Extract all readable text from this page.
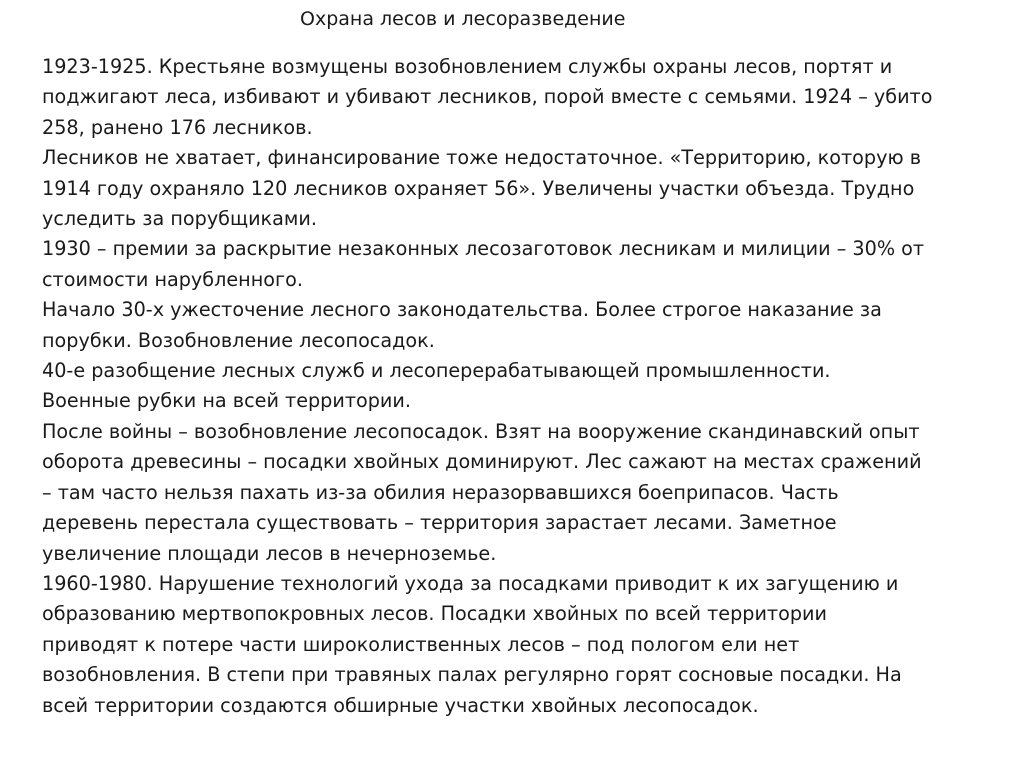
Охрана лесов и лесоразведение
1923-1925. Крестьяне возмущены возобновлением службы охраны лесов, портят и
поджигают леса, избивают и убивают лесников, порой вместе с семьями. 1924 – убито
258, ранено 176 лесников.
Лесников не хватает, финансирование тоже недостаточное. «Территорию, которую в
1914 году охраняло 120 лесников охраняет 56». Увеличены участки объезда. Трудно
уследить за порубщиками.
1930 – премии за раскрытие незаконных лесозаготовок лесникам и милиции – 30% от
стоимости нарубленного.
Начало 30-х ужесточение лесного законодательства. Более строгое наказание за
порубки. Возобновление лесопосадок.
40-е разобщение лесных служб и лесоперерабатывающей промышленности.
Военные рубки на всей территории.
После войны – возобновление лесопосадок. Взят на вооружение скандинавский опыт
оборота древесины – посадки хвойных доминируют. Лес сажают на местах сражений
– там часто нельзя пахать из-за обилия неразорвавшихся боеприпасов. Часть
деревень перестала существовать – территория зарастает лесами. Заметное
увеличение площади лесов в нечерноземье.
1960-1980. Нарушение технологий ухода за посадками приводит к их загущению и
образованию мертвопокровных лесов. Посадки хвойных по всей территории
приводят к потере части широколиственных лесов – под пологом ели нет
возобновления. В степи при травяных палах регулярно горят сосновые посадки. На
всей территории создаются обширные участки хвойных лесопосадок.
